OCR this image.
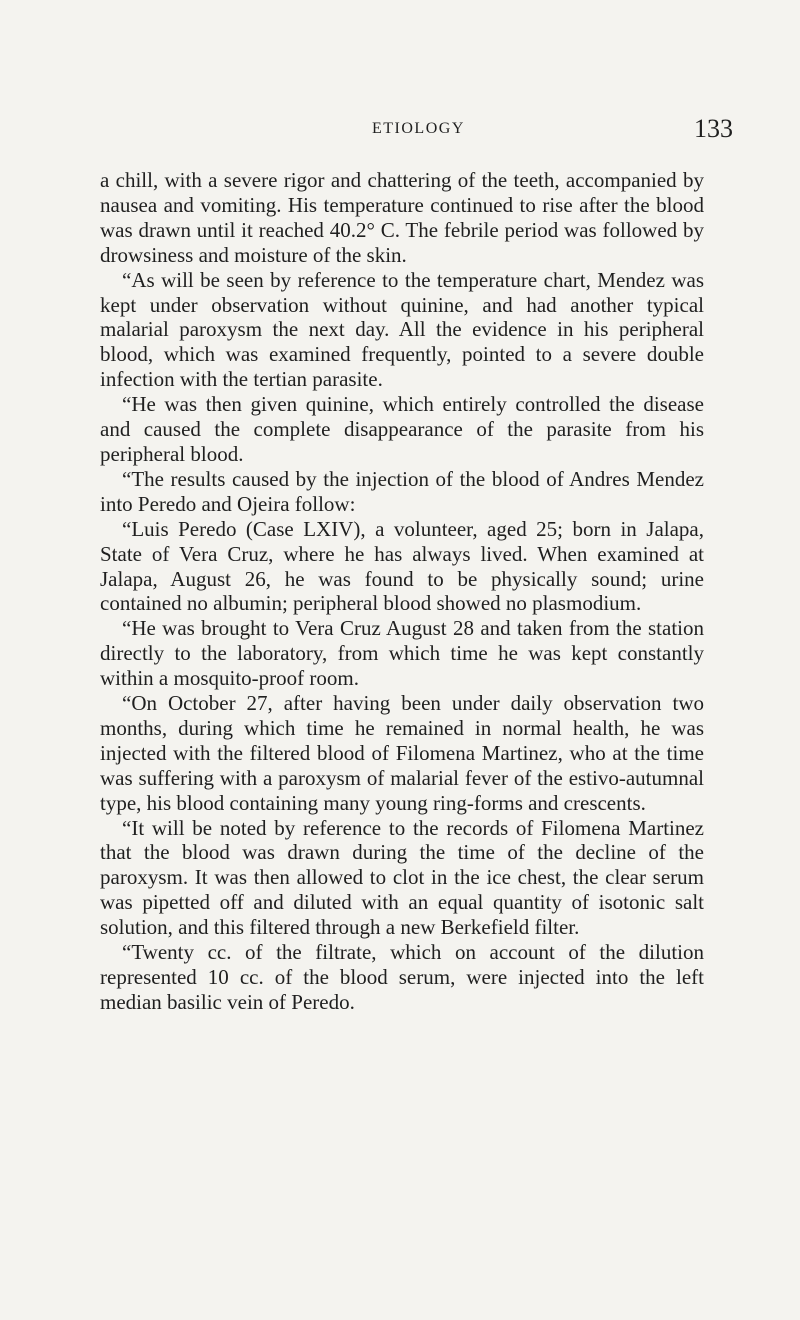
ETIOLOGY	133

a chill, with a severe rigor and chattering of the teeth, accompanied by nausea and vomiting. His temperature continued to rise after the blood was drawn until it reached 40.2° C. The febrile period was followed by drowsiness and moisture of the skin.

“As will be seen by reference to the temperature chart, Mendez was kept under observation without quinine, and had another typical malarial paroxysm the next day. All the evidence in his peripheral blood, which was examined frequently, pointed to a severe double infection with the tertian parasite.

“He was then given quinine, which entirely controlled the disease and caused the complete disappearance of the parasite from his peripheral blood.

“The results caused by the injection of the blood of Andres Mendez into Peredo and Ojeira follow:

“Luis Peredo (Case LXIV), a volunteer, aged 25; born in Jalapa, State of Vera Cruz, where he has always lived. When examined at Jalapa, August 26, he was found to be physically sound; urine contained no albumin; peripheral blood showed no plasmodium.

“He was brought to Vera Cruz August 28 and taken from the station directly to the laboratory, from which time he was kept constantly within a mosquito-proof room.

“On October 27, after having been under daily observation two months, during which time he remained in normal health, he was injected with the filtered blood of Filomena Martinez, who at the time was suffering with a paroxysm of malarial fever of the estivo-autumnal type, his blood containing many young ring-forms and crescents.

“It will be noted by reference to the records of Filomena Martinez that the blood was drawn during the time of the decline of the paroxysm. It was then allowed to clot in the ice chest, the clear serum was pipetted off and diluted with an equal quantity of isotonic salt solution, and this filtered through a new Berkefield filter.

“Twenty cc. of the filtrate, which on account of the dilution represented 10 cc. of the blood serum, were injected into the left median basilic vein of Peredo.
